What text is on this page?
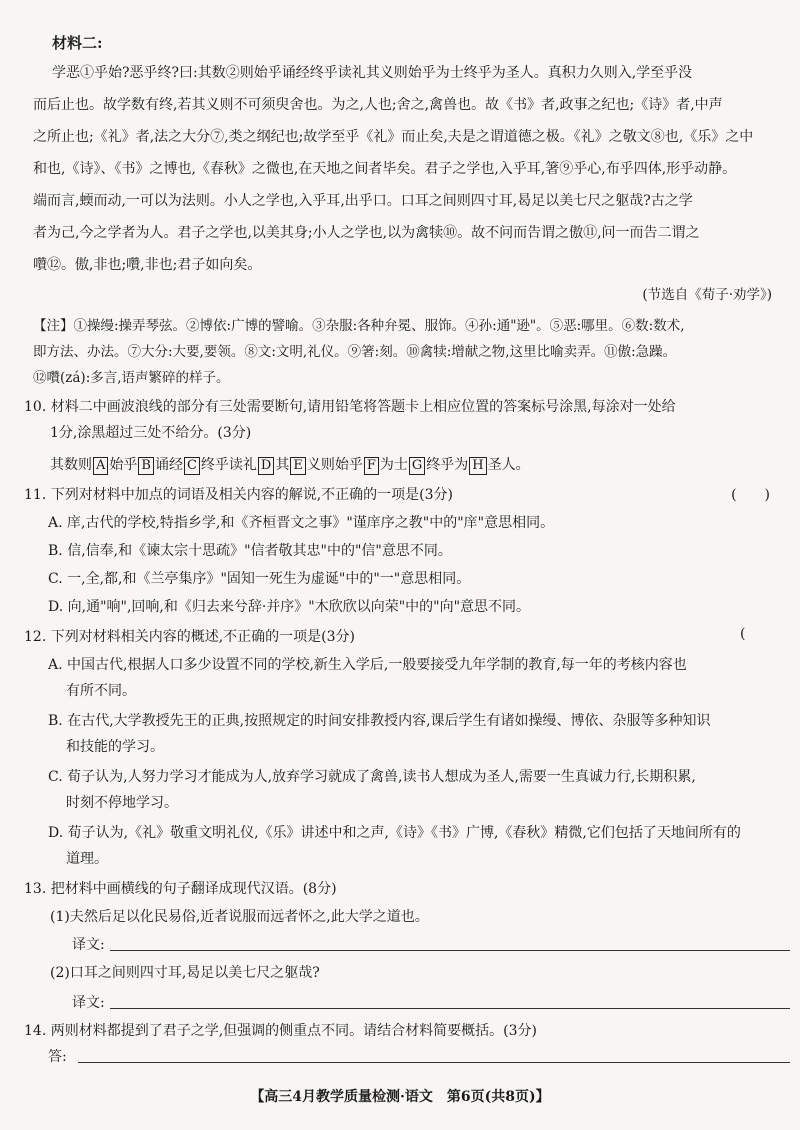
材料二:
学恶①乎始?恶乎终?曰:其数②则始乎诵经终乎读礼其义则始乎为士终乎为圣人。真积力久则入,学至乎没
而后止也。故学数有终,若其义则不可须臾舍也。为之,人也;舍之,禽兽也。故《书》者,政事之纪也;《诗》者,中声
之所止也;《礼》者,法之大分⑦,类之纲纪也;故学至乎《礼》而止矣,夫是之谓道德之极。《礼》之敬文⑧也,《乐》之中
和也,《诗》、《书》之博也,《春秋》之微也,在天地之间者毕矣。君子之学也,入乎耳,箸⑨乎心,布乎四体,形乎动静。
端而言,蝡而动,一可以为法则。小人之学也,入乎耳,出乎口。口耳之间则四寸耳,曷足以美七尺之躯哉?古之学
者为己,今之学者为人。君子之学也,以美其身;小人之学也,以为禽犊⑩。故不问而告谓之傲⑪,问一而告二谓之
囋⑫。傲,非也;囋,非也;君子如向矣。
(节选自《荀子·劝学》)
【注】①操缦:操弄琴弦。②博依:广博的譬喻。③杂服:各种弁冕、服饰。④孙:通"逊"。⑤恶:哪里。⑥数:数术,
即方法、办法。⑦大分:大要,要领。⑧文:文明,礼仪。⑨箸:刻。⑩禽犊:增献之物,这里比喻卖弄。⑪傲:急躁。
⑫囋(zá):多言,语声繁碎的样子。
10. 材料二中画波浪线的部分有三处需要断句,请用铅笔将答题卡上相应位置的答案标号涂黑,每涂对一处给
1分,涂黑超过三处不给分。(3分)
其数则 A 始乎 B 诵经 C 终乎读礼 D 其 E 义则始乎 F 为士 G 终乎为 H 圣人。
11. 下列对材料中加点的词语及相关内容的解说,不正确的一项是(3分)	(　　)
A. 庠,古代的学校,特指乡学,和《齐桓晋文之事》"谨庠序之教"中的"庠"意思相同。
B. 信,信奉,和《谏太宗十思疏》"信者敬其忠"中的"信"意思不同。
C. 一,全,都,和《兰亭集序》"固知一死生为虚诞"中的"一"意思相同。
D. 向,通"响",回响,和《归去来兮辞·并序》"木欣欣以向荣"中的"向"意思不同。
12. 下列对材料相关内容的概述,不正确的一项是(3分)	(
A. 中国古代,根据人口多少设置不同的学校,新生入学后,一般要接受九年学制的教育,每一年的考核内容也
有所不同。
B. 在古代,大学教授先王的正典,按照规定的时间安排教授内容,课后学生有诸如操缦、博依、杂服等多种知识
和技能的学习。
C. 荀子认为,人努力学习才能成为人,放弃学习就成了禽兽,读书人想成为圣人,需要一生真诚力行,长期积累,
时刻不停地学习。
D. 荀子认为,《礼》敬重文明礼仪,《乐》讲述中和之声,《诗》《书》广博,《春秋》精微,它们包括了天地间所有的
道理。
13. 把材料中画横线的句子翻译成现代汉语。(8分)
(1)夫然后足以化民易俗,近者说服而远者怀之,此大学之道也。
译文:
(2)口耳之间则四寸耳,曷足以美七尺之躯哉?
译文:
14. 两则材料都提到了君子之学,但强调的侧重点不同。请结合材料简要概括。(3分)
答:
【高三4月教学质量检测·语文　第6页(共8页)】
